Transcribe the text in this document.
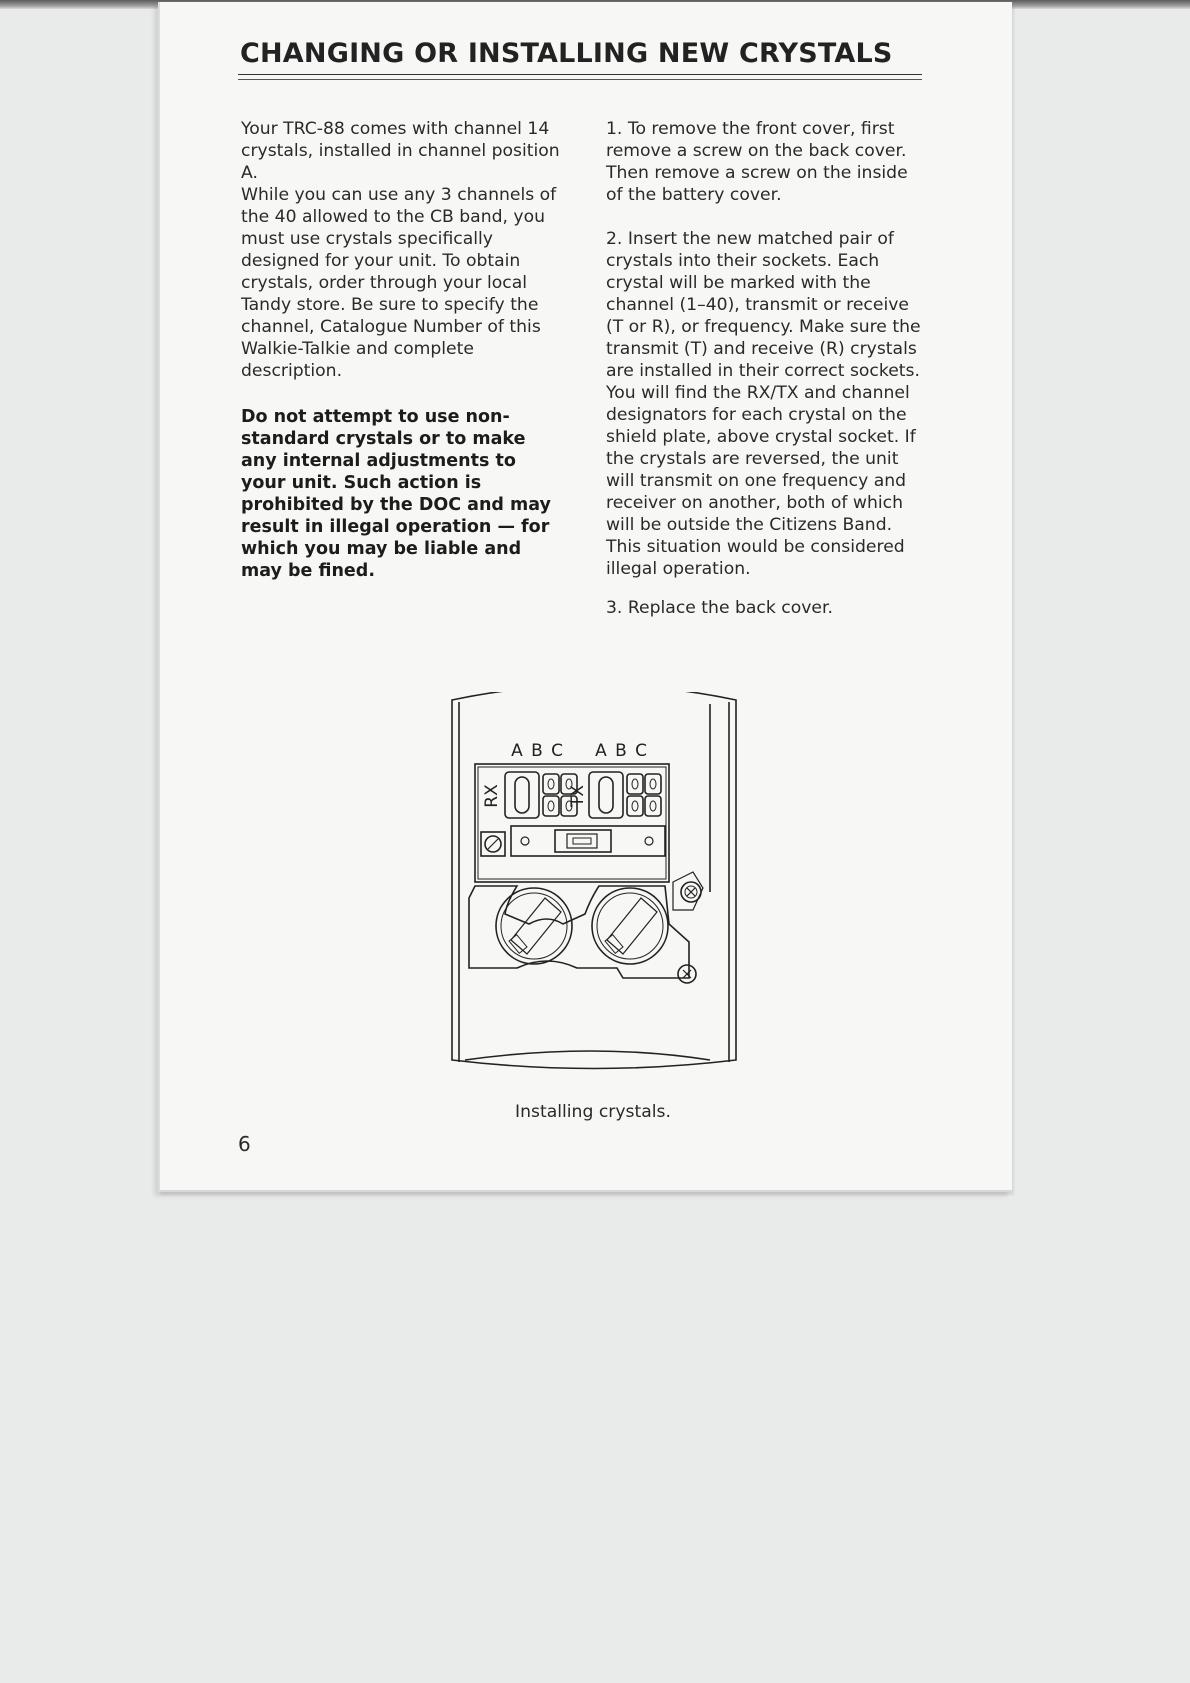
CHANGING OR INSTALLING NEW CRYSTALS

Your TRC-88 comes with channel 14 crystals, installed in channel position A.

While you can use any 3 channels of the 40 allowed to the CB band, you must use crystals specifically designed for your unit. To obtain crystals, order through your local Tandy store. Be sure to specify the channel, Catalogue Number of this Walkie-Talkie and complete description.

Do not attempt to use non-standard crystals or to make any internal adjustments to your unit. Such action is prohibited by the DOC and may result in illegal operation — for which you may be liable and may be fined.

1. To remove the front cover, first remove a screw on the back cover. Then remove a screw on the inside of the battery cover.

2. Insert the new matched pair of crystals into their sockets. Each crystal will be marked with the channel (1–40), transmit or receive (T or R), or frequency. Make sure the transmit (T) and receive (R) crystals are installed in their correct sockets. You will find the RX/TX and channel designators for each crystal on the shield plate, above crystal socket. If the crystals are reversed, the unit will transmit on one frequency and receiver on another, both of which will be outside the Citizens Band. This situation would be considered illegal operation.

3. Replace the back cover.

A B C A B C
RX	TX
Installing crystals.
6
